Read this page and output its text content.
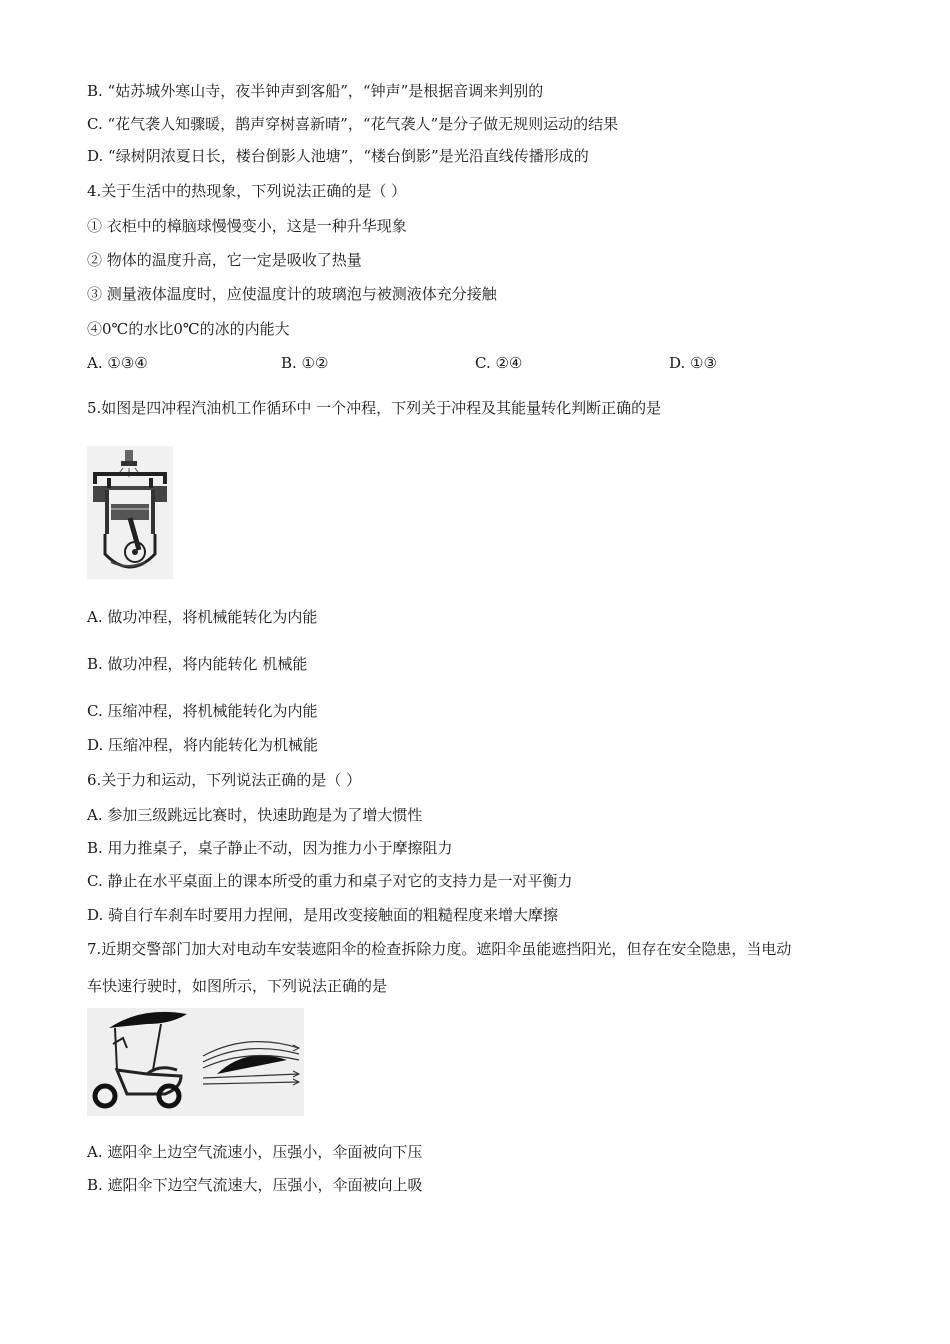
B. “姑苏城外寒山寺，夜半钟声到客船”，“钟声”是根据音调来判别的
C. “花气袭人知骤暖，鹊声穿树喜新晴”，“花气袭人”是分子做无规则运动的结果
D. “绿树阴浓夏日长，楼台倒影人池塘”，“楼台倒影”是光沿直线传播形成的
4.关于生活中的热现象，下列说法正确的是（ ）
① 衣柜中的樟脑球慢慢变小，这是一种升华现象
② 物体的温度升高，它一定是吸收了热量
③ 测量液体温度时，应使温度计的玻璃泡与被测液体充分接触
④0℃的水比0℃的冰的内能大
A. ①③④	B. ①②	C. ②④	D. ①③
5.如图是四冲程汽油机工作循环中 一个冲程，下列关于冲程及其能量转化判断正确的是
A. 做功冲程，将机械能转化为内能
B. 做功冲程，将内能转化 机械能
C. 压缩冲程，将机械能转化为内能
D. 压缩冲程，将内能转化为机械能
6.关于力和运动，下列说法正确的是（ ）
A. 参加三级跳远比赛时，快速助跑是为了增大惯性
B. 用力推桌子，桌子静止不动，因为推力小于摩擦阻力
C. 静止在水平桌面上的课本所受的重力和桌子对它的支持力是一对平衡力
D. 骑自行车刹车时要用力捏闸，是用改变接触面的粗糙程度来增大摩擦
7.近期交警部门加大对电动车安装遮阳伞的检查拆除力度。遮阳伞虽能遮挡阳光，但存在安全隐患，当电动
车快速行驶时，如图所示，下列说法正确的是
A. 遮阳伞上边空气流速小，压强小，伞面被向下压
B. 遮阳伞下边空气流速大，压强小，伞面被向上吸
